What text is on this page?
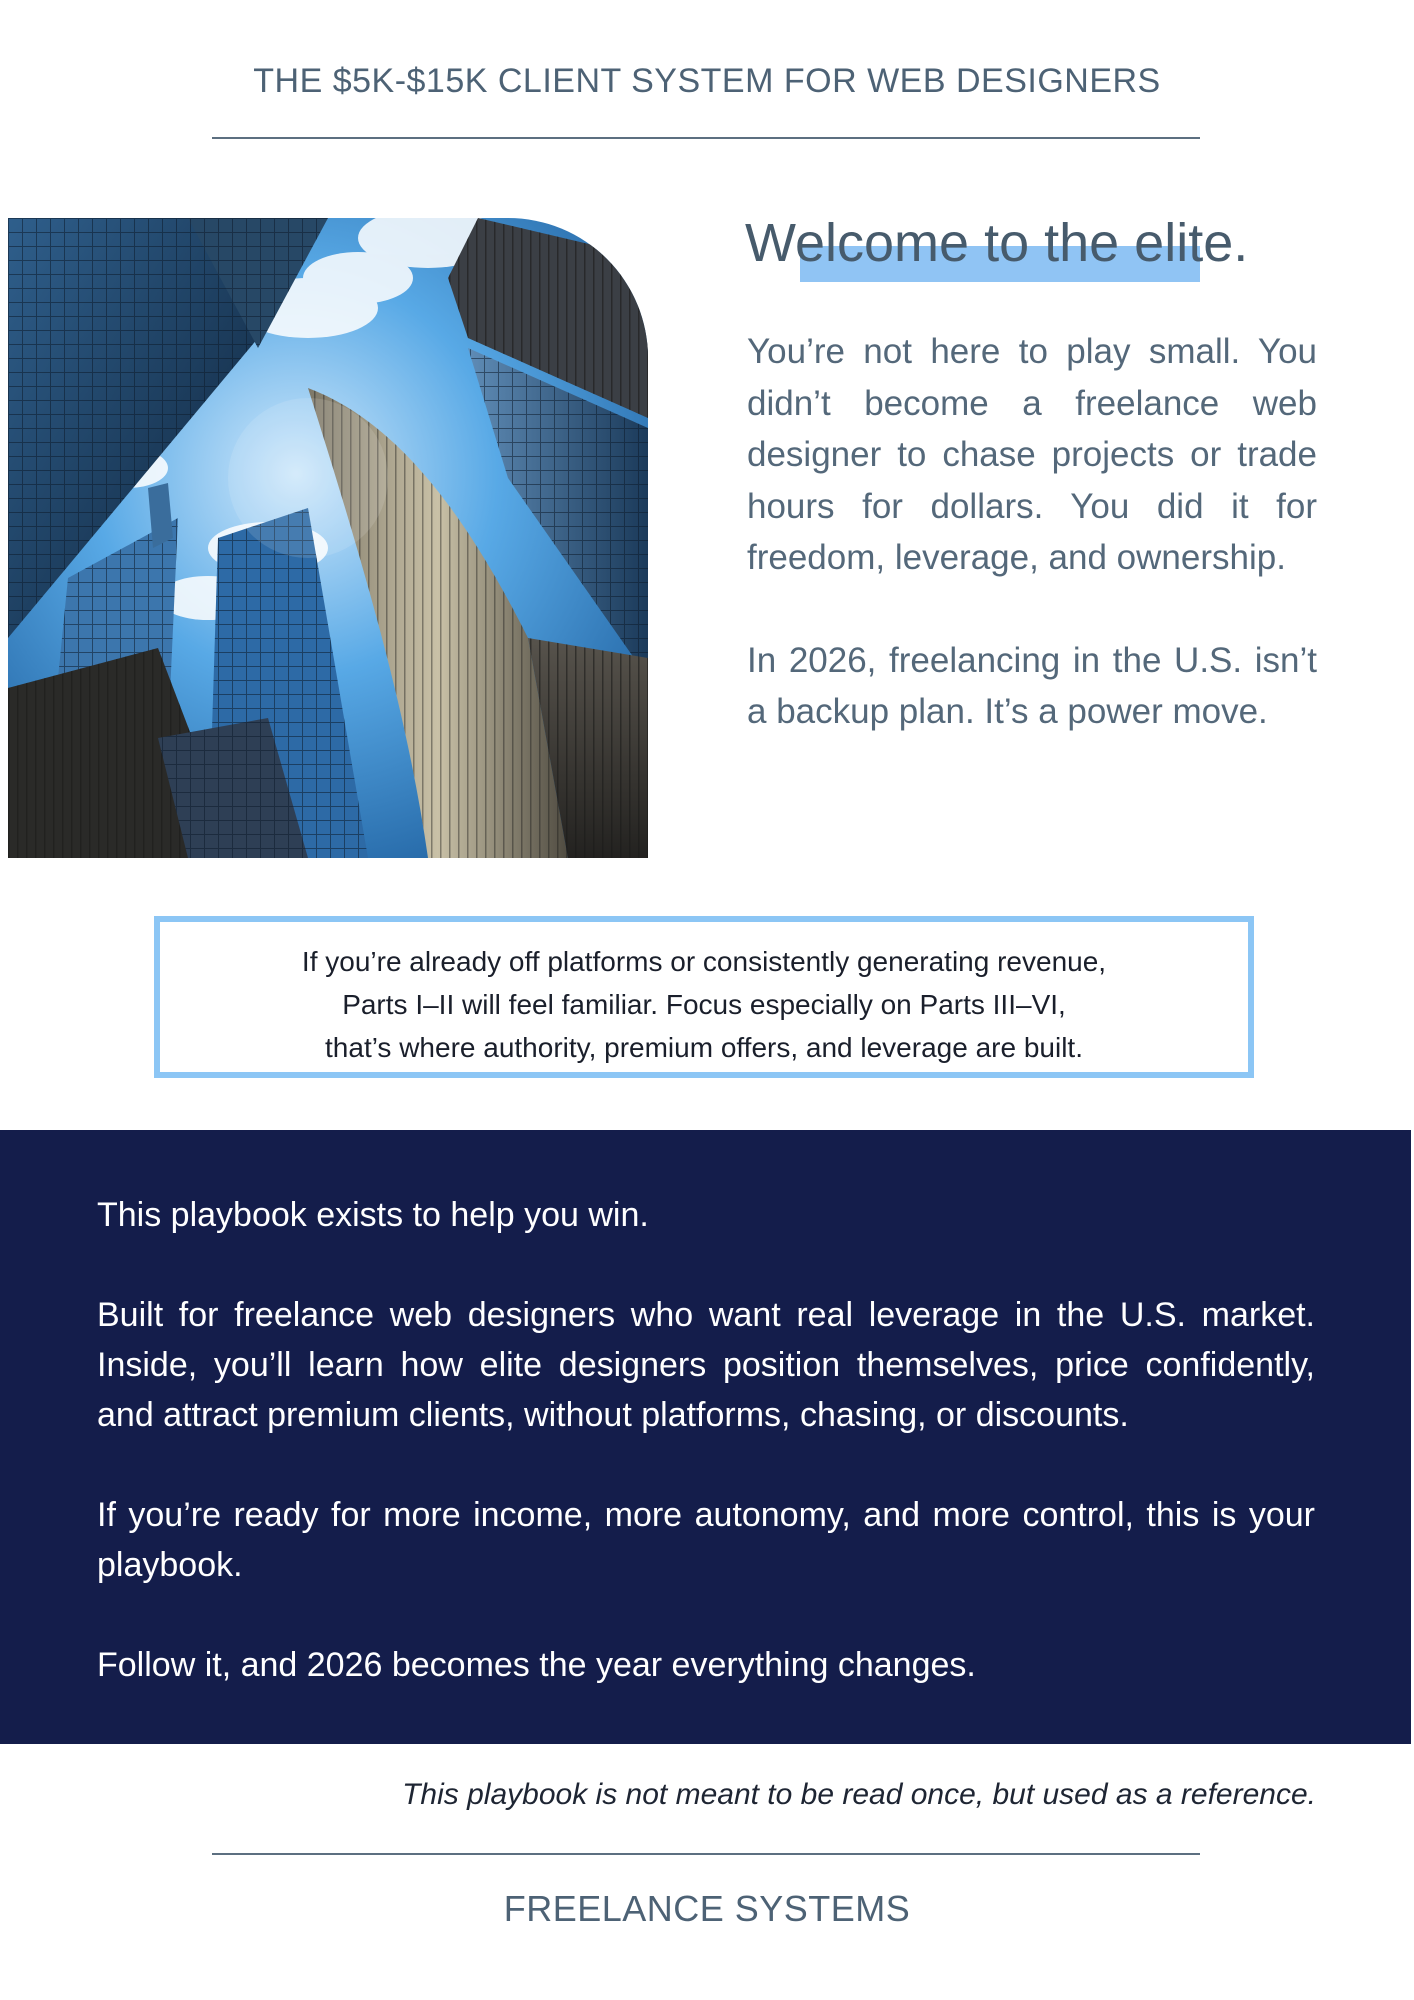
THE $5K-$15K CLIENT SYSTEM FOR WEB DESIGNERS
Welcome to the elite.

You’re not here to play small. You didn’t become a freelance web designer to chase projects or trade hours for dollars. You did it for freedom, leverage, and ownership.

In 2026, freelancing in the U.S. isn’t a backup plan. It’s a power move.

If you’re already off platforms or consistently generating revenue,
Parts I–II will feel familiar. Focus especially on Parts III–VI,
that’s where authority, premium offers, and leverage are built.

This playbook exists to help you win.

Built for freelance web designers who want real leverage in the U.S. market. Inside, you’ll learn how elite designers position themselves, price confidently, and attract premium clients, without platforms, chasing, or discounts.

If you’re ready for more income, more autonomy, and more control, this is your playbook.

Follow it, and 2026 becomes the year everything changes.

This playbook is not meant to be read once, but used as a reference.
FREELANCE SYSTEMS
